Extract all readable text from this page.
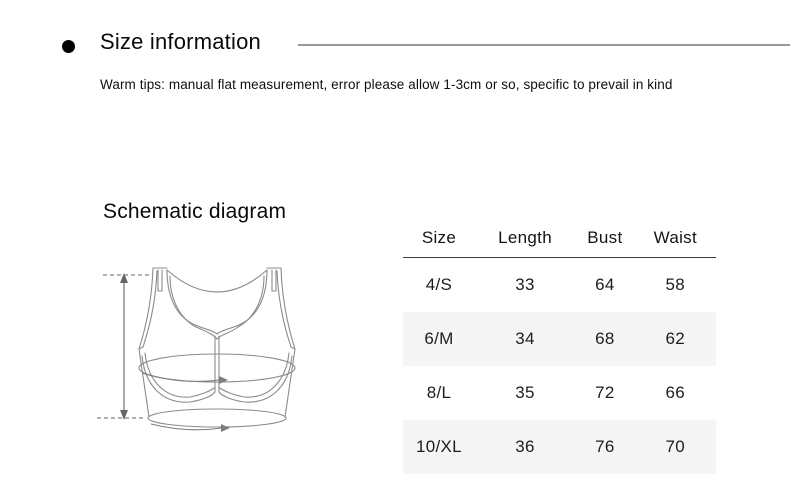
Size information

Warm tips: manual flat measurement, error please allow 1-3cm or so, specific to prevail in kind

Schematic diagram
Size	Length	Bust	Waist
4/S	33	64	58
6/M	34	68	62
8/L	35	72	66
10/XL	36	76	70
